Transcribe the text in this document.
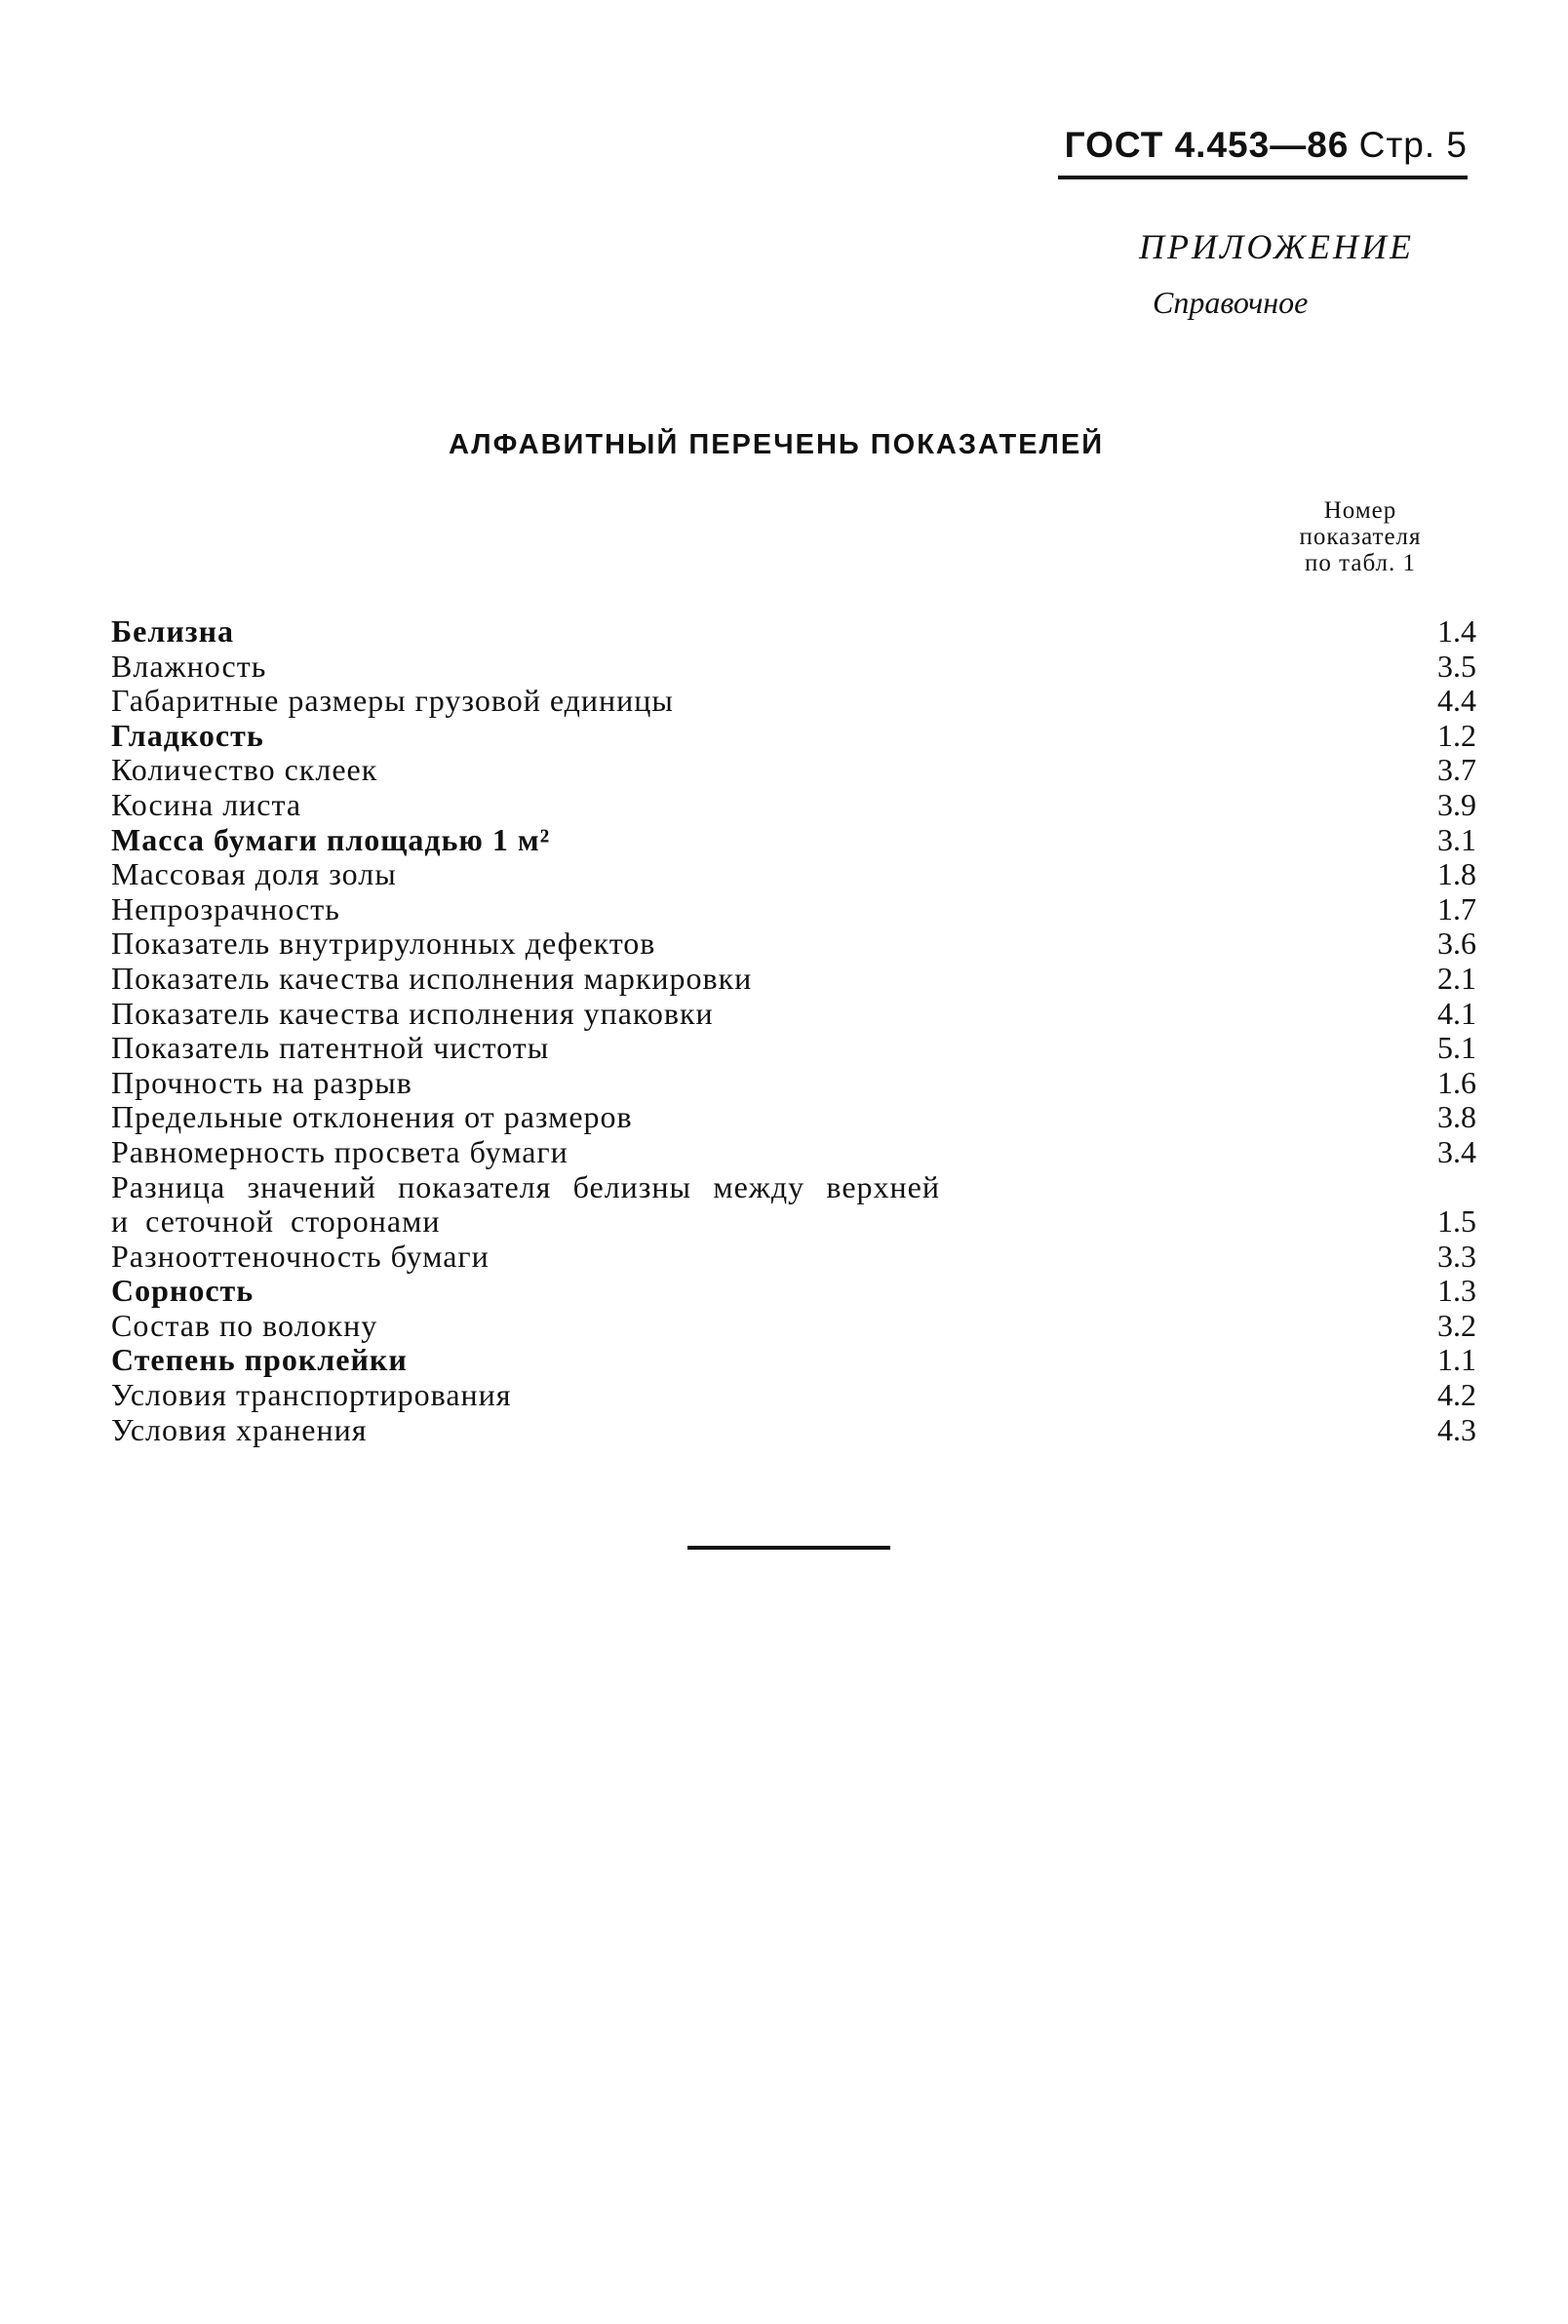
ГОСТ 4.453—86 Стр. 5
ПРИЛОЖЕНИЕ
Справочное
АЛФАВИТНЫЙ ПЕРЕЧЕНЬ ПОКАЗАТЕЛЕЙ
Номер
показателя
по табл. 1
Белизна	1.4
Влажность	3.5
Габаритные размеры грузовой единицы	4.4
Гладкость	1.2
Количество склеек	3.7
Косина листа	3.9
Масса бумаги площадью 1 м²	3.1
Массовая доля золы	1.8
Непрозрачность	1.7
Показатель внутрирулонных дефектов	3.6
Показатель качества исполнения маркировки	2.1
Показатель качества исполнения упаковки	4.1
Показатель патентной чистоты	5.1
Прочность на разрыв	1.6
Предельные отклонения от размеров	3.8
Равномерность просвета бумаги	3.4
Разница значений показателя белизны между верхней и сеточной сторонами	1.5
Разнооттеночность бумаги	3.3
Сорность	1.3
Состав по волокну	3.2
Степень проклейки	1.1
Условия транспортирования	4.2
Условия хранения	4.3
